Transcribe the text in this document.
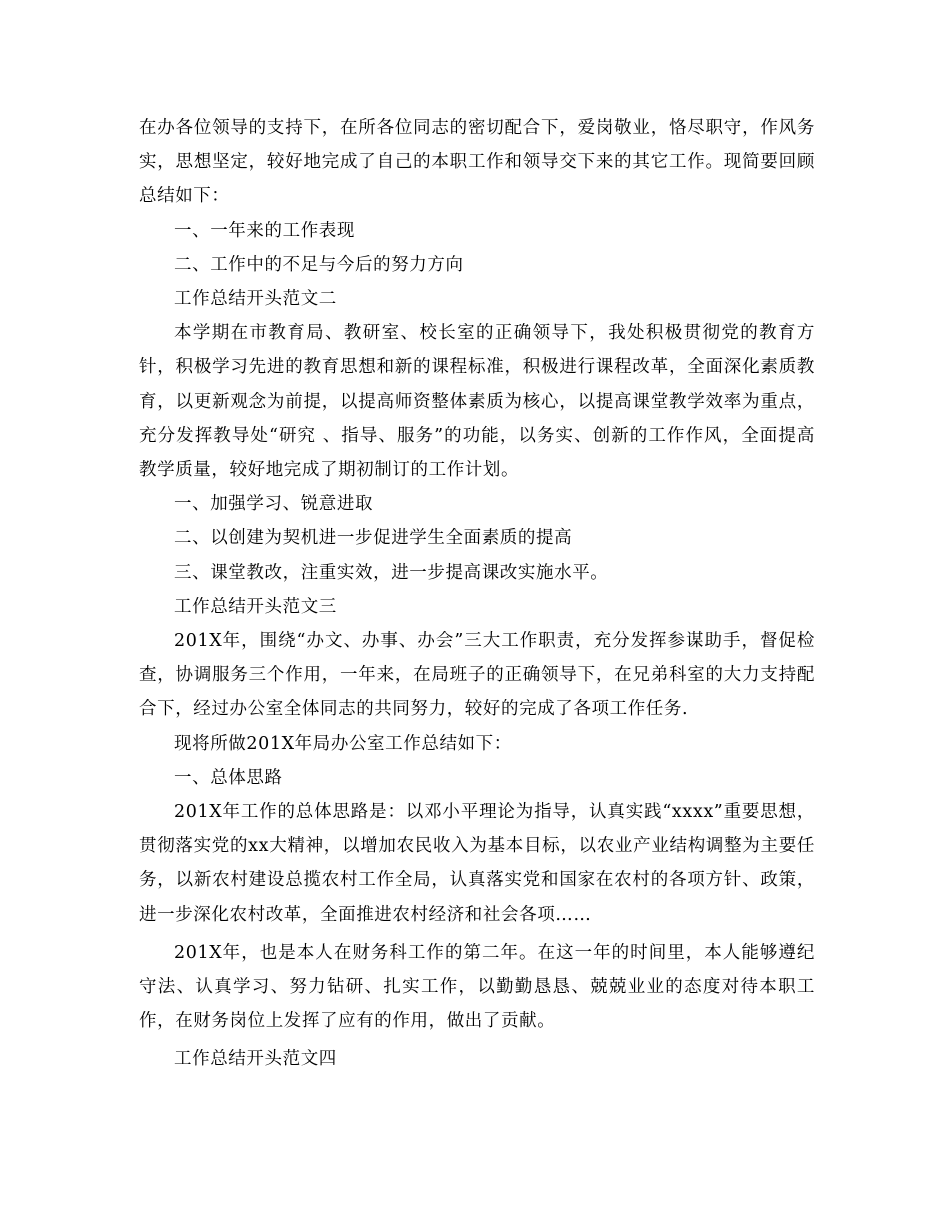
在办各位领导的支持下，在所各位同志的密切配合下，爱岗敬业，恪尽职守，作风务实，思想坚定，较好地完成了自己的本职工作和领导交下来的其它工作。现简要回顾总结如下：

一、一年来的工作表现

二、工作中的不足与今后的努力方向

工作总结开头范文二

本学期在市教育局、教研室、校长室的正确领导下，我处积极贯彻党的教育方针，积极学习先进的教育思想和新的课程标准，积极进行课程改革，全面深化素质教育，以更新观念为前提，以提高师资整体素质为核心，以提高课堂教学效率为重点，充分发挥教导处“研究 、指导、服务”的功能，以务实、创新的工作作风，全面提高教学质量，较好地完成了期初制订的工作计划。

一、加强学习、锐意进取

二、以创建为契机进一步促进学生全面素质的提高

三、课堂教改，注重实效，进一步提高课改实施水平。

工作总结开头范文三

201X年，围绕“办文、办事、办会”三大工作职责，充分发挥参谋助手，督促检查，协调服务三个作用，一年来，在局班子的正确领导下，在兄弟科室的大力支持配合下，经过办公室全体同志的共同努力，较好的完成了各项工作任务.

现将所做201X年局办公室工作总结如下：

一、总体思路

201X年工作的总体思路是：以邓小平理论为指导，认真实践“xxxx”重要思想，贯彻落实党的xx大精神，以增加农民收入为基本目标，以农业产业结构调整为主要任务，以新农村建设总揽农村工作全局，认真落实党和国家在农村的各项方针、政策，进一步深化农村改革，全面推进农村经济和社会各项……

201X年，也是本人在财务科工作的第二年。在这一年的时间里，本人能够遵纪守法、认真学习、努力钻研、扎实工作，以勤勤恳恳、兢兢业业的态度对待本职工作，在财务岗位上发挥了应有的作用，做出了贡献。

工作总结开头范文四
